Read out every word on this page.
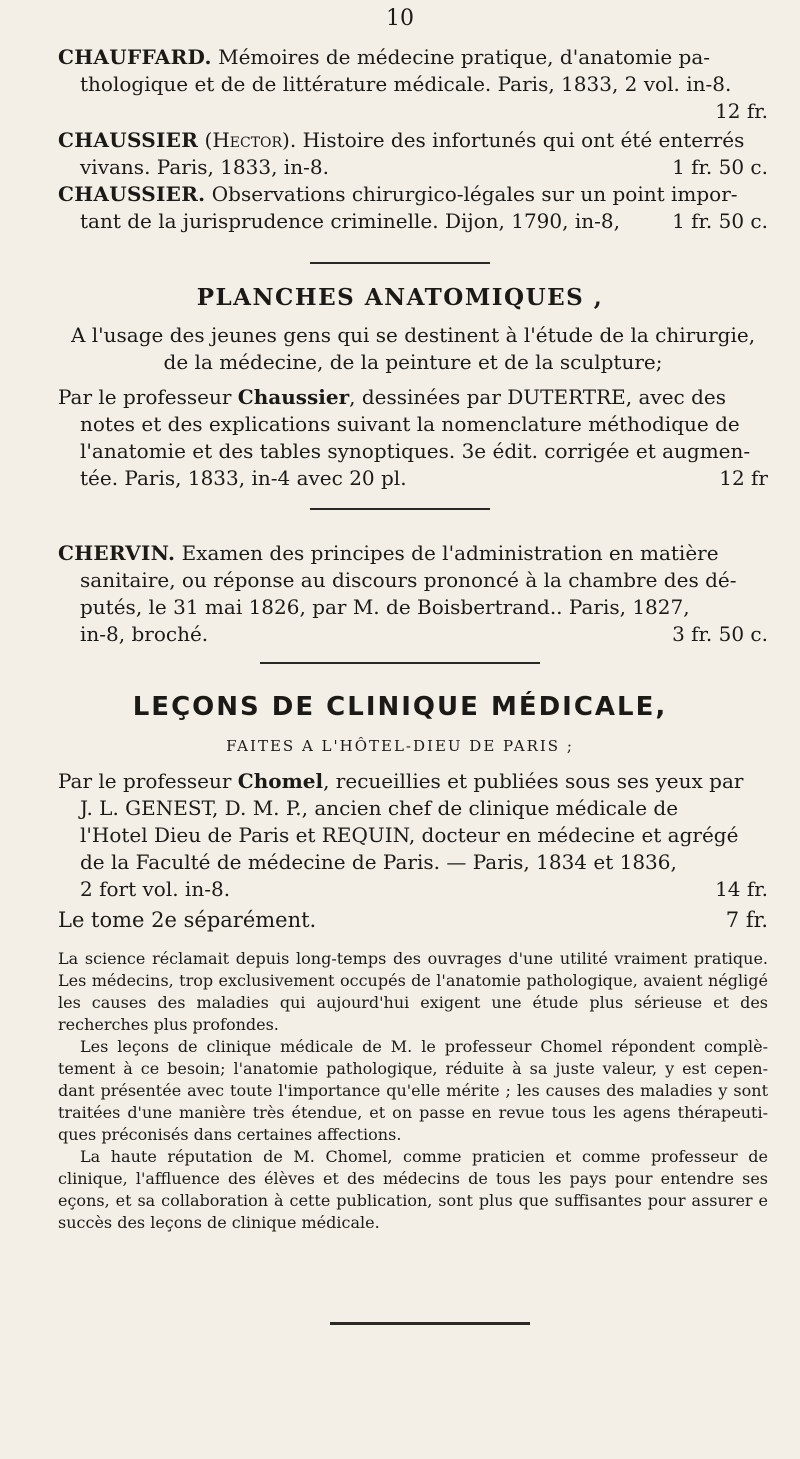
10

CHAUFFARD. Mémoires de médecine pratique, d'anatomie pa-

thologique et de de littérature médicale. Paris, 1833, 2 vol. in-8.

12 fr.

CHAUSSIER (Hector). Histoire des infortunés qui ont été enterrés

vivans. Paris, 1833, in-8.	1 fr. 50 c.

CHAUSSIER. Observations chirurgico-légales sur un point impor-

tant de la jurisprudence criminelle. Dijon, 1790, in-8,	1 fr. 50 c.

PLANCHES ANATOMIQUES ,

A l'usage des jeunes gens qui se destinent à l'étude de la chirurgie,

de la médecine, de la peinture et de la sculpture;

Par le professeur Chaussier, dessinées par DUTERTRE, avec des

notes et des explications suivant la nomenclature méthodique de

l'anatomie et des tables synoptiques. 3e édit. corrigée et augmen-

tée. Paris, 1833, in-4 avec 20 pl.	12 fr

CHERVIN. Examen des principes de l'administration en matière

sanitaire, ou réponse au discours prononcé à la chambre des dé-

putés, le 31 mai 1826, par M. de Boisbertrand.. Paris, 1827,

in-8, broché.	3 fr. 50 c.

LEÇONS DE CLINIQUE MÉDICALE,
FAITES A L'HÔTEL-DIEU DE PARIS ;

Par le professeur Chomel, recueillies et publiées sous ses yeux par

J. L. GENEST, D. M. P., ancien chef de clinique médicale de

l'Hotel Dieu de Paris et REQUIN, docteur en médecine et agrégé

de la Faculté de médecine de Paris. — Paris, 1834 et 1836,

2 fort vol. in-8.	14 fr.

Le tome 2e séparément.	7 fr.

La science réclamait depuis long-temps des ouvrages d'une utilité vraiment pratique. Les médecins, trop exclusivement occupés de l'anatomie pathologique, avaient négligé les causes des maladies qui aujourd'hui exigent une étude plus sérieuse et des recherches plus profondes.

Les leçons de clinique médicale de M. le professeur Chomel répondent complè- tement à ce besoin; l'anatomie pathologique, réduite à sa juste valeur, y est cepen- dant présentée avec toute l'importance qu'elle mérite ; les causes des maladies y sont traitées d'une manière très étendue, et on passe en revue tous les agens thérapeuti- ques préconisés dans certaines affections.

La haute réputation de M. Chomel, comme praticien et comme professeur de clinique, l'affluence des élèves et des médecins de tous les pays pour entendre ses eçons, et sa collaboration à cette publication, sont plus que suffisantes pour assurer e succès des leçons de clinique médicale.
